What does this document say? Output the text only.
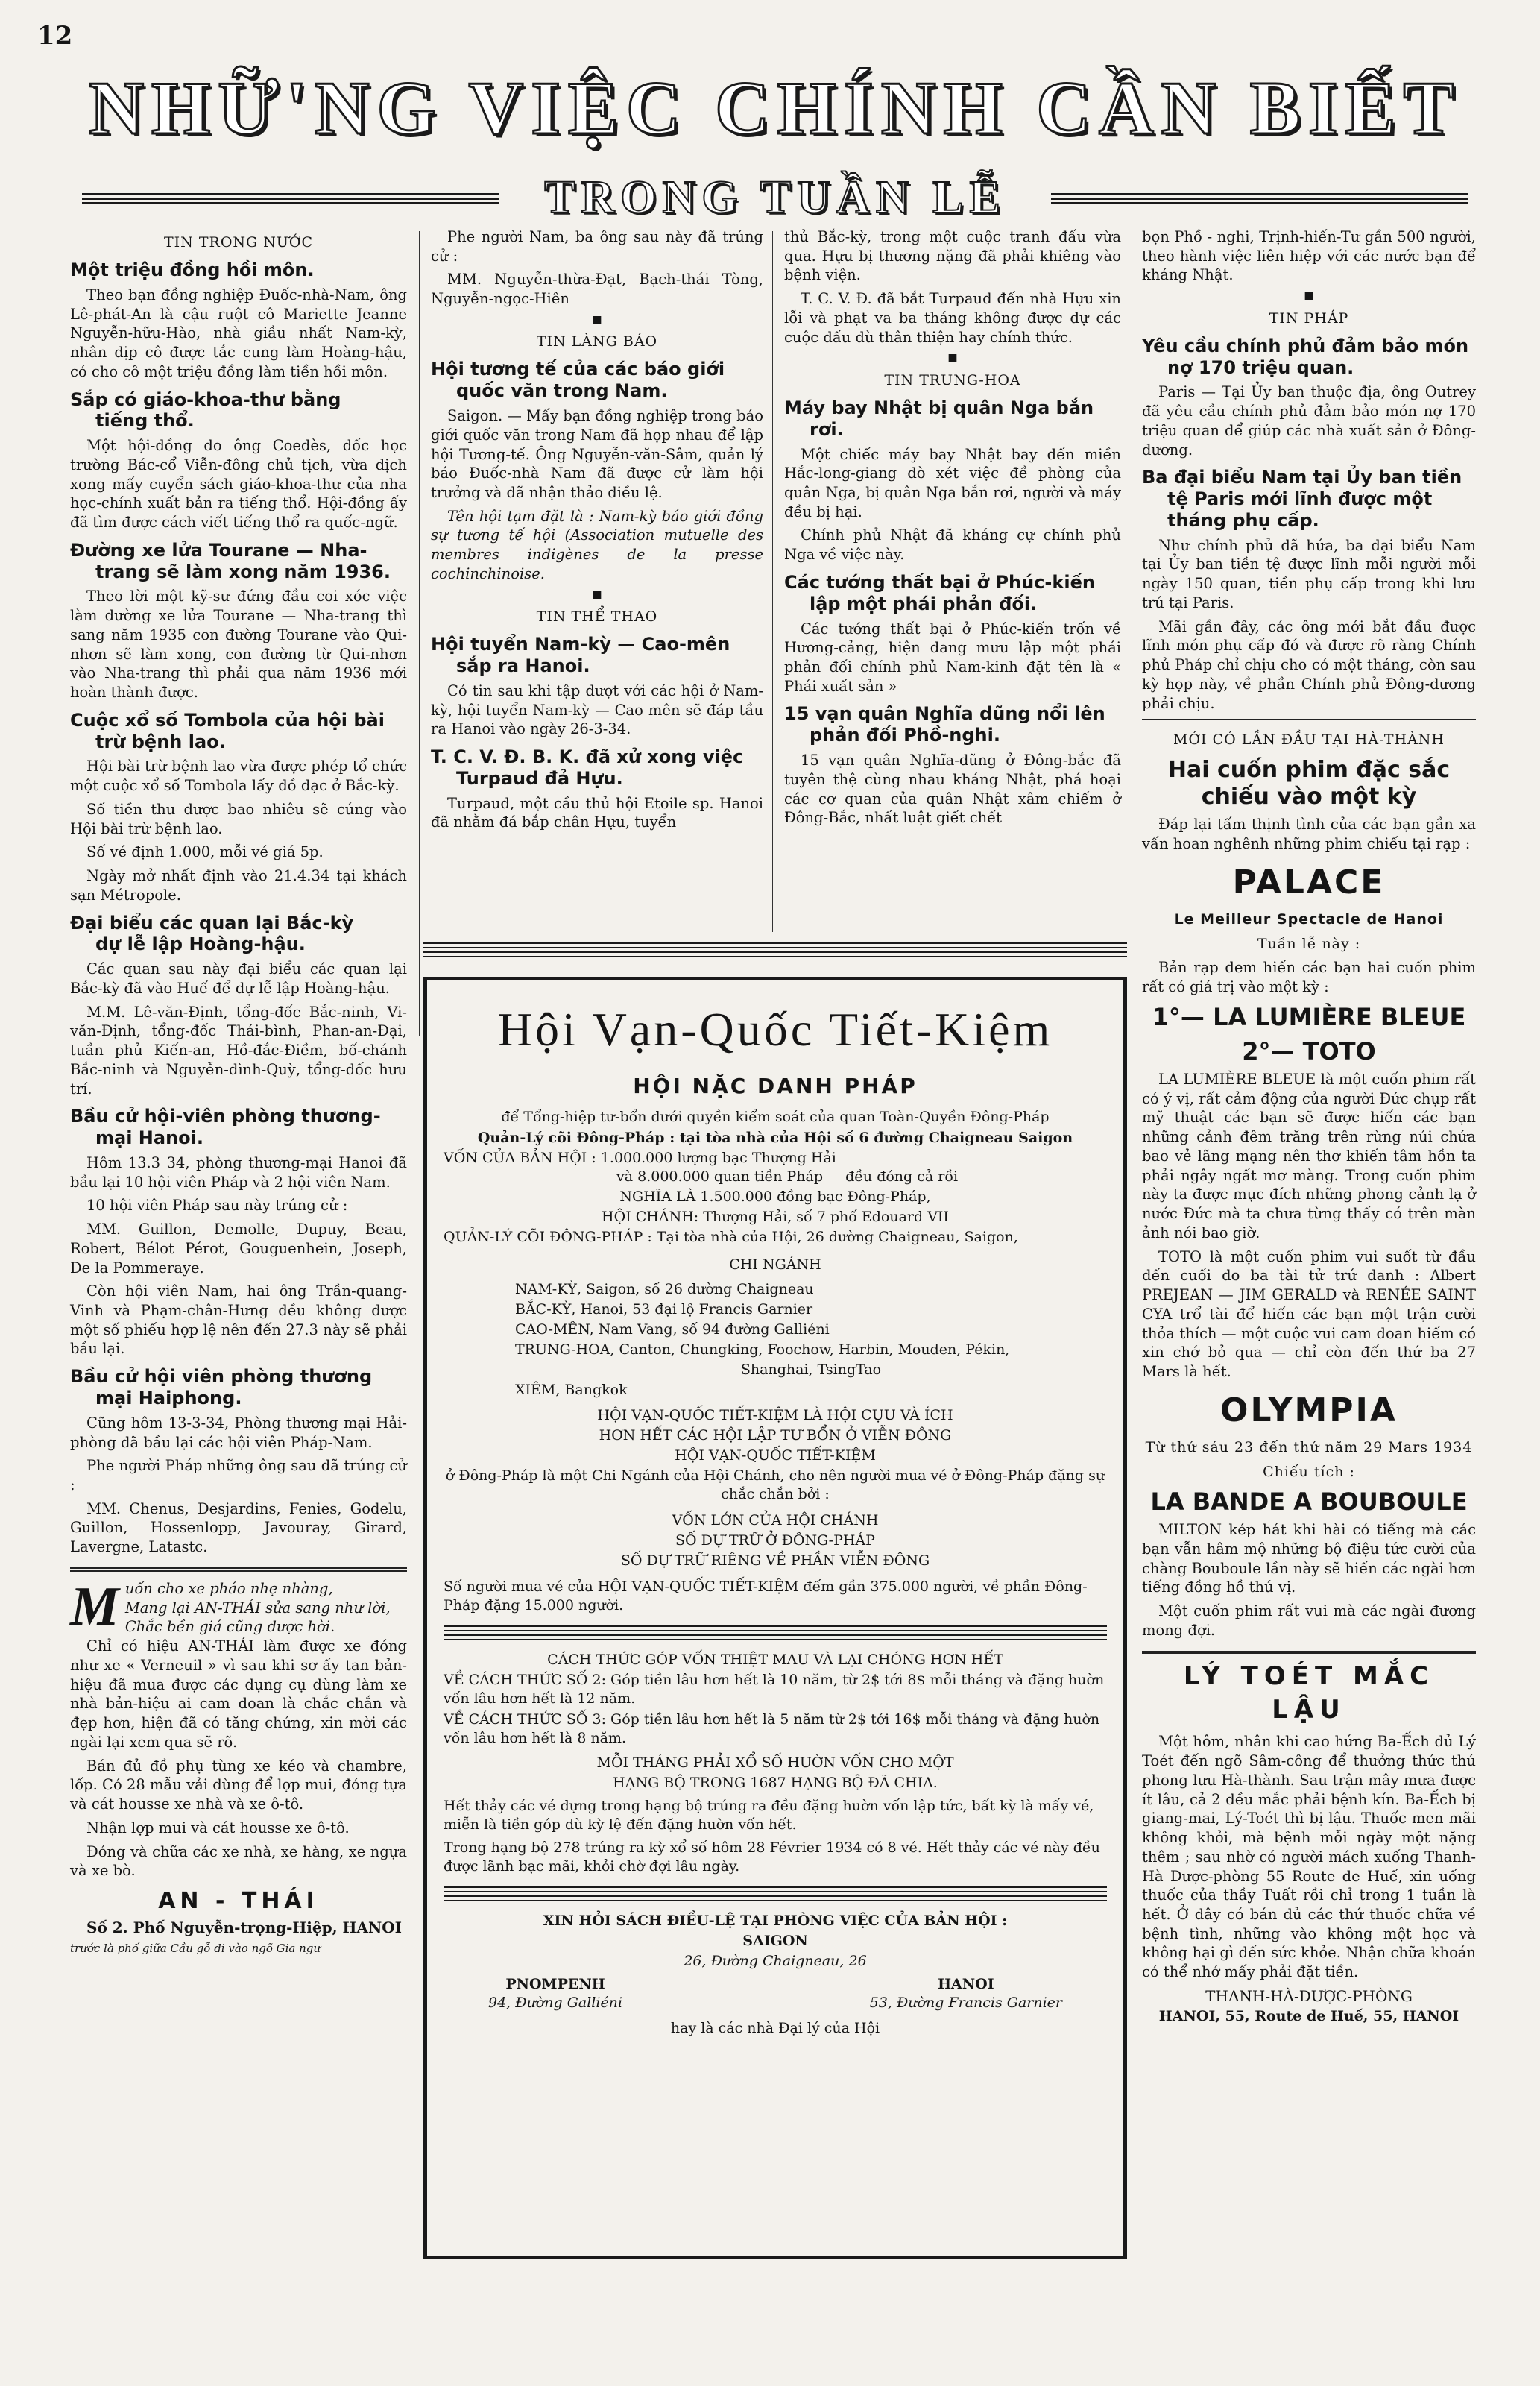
12
NHỮ'NG VIỆC CHÍNH CẦN BIẾT
TRONG TUẦN LỄ
TIN TRONG NƯỚC
Một triệu đồng hồi môn.

Theo bạn đồng nghiệp Đuốc-nhà-Nam, ông Lê-phát-An là cậu ruột cô Mariette Jeanne Nguyễn-hữu-Hào, nhà giầu nhất Nam-kỳ, nhân dịp cô được tắc cung làm Hoàng-hậu, có cho cô một triệu đồng làm tiền hồi môn.

Sắp có giáo-khoa-thư bằng
tiếng thổ.

Một hội-đồng do ông Coedès, đốc học trường Bác-cổ Viễn-đông chủ tịch, vừa dịch xong mấy cuyển sách giáo-khoa-thư của nha học-chính xuất bản ra tiếng thổ. Hội-đồng ấy đã tìm được cách viết tiếng thổ ra quốc-ngữ.

Đường xe lửa Tourane — Nha-
trang sẽ làm xong năm 1936.

Theo lời một kỹ-sư đứng đầu coi xóc việc làm đường xe lửa Tourane — Nha-trang thì sang năm 1935 con đường Tourane vào Qui-nhơn sẽ làm xong, con đường từ Qui-nhơn vào Nha-trang thì phải qua năm 1936 mới hoàn thành được.

Cuộc xổ số Tombola của hội bài
trừ bệnh lao.

Hội bài trừ bệnh lao vừa được phép tổ chức một cuộc xổ số Tombola lấy đồ đạc ở Bắc-kỳ.

Số tiền thu được bao nhiêu sẽ cúng vào Hội bài trừ bệnh lao.

Số vé định 1.000, mỗi vé giá 5p.

Ngày mở nhất định vào 21.4.34 tại khách sạn Métropole.

Đại biểu các quan lại Bắc-kỳ
dự lễ lập Hoàng-hậu.

Các quan sau này đại biểu các quan lại Bắc-kỳ đã vào Huế để dự lễ lập Hoàng-hậu.

M.M. Lê-văn-Định, tổng-đốc Bắc-ninh, Vi-văn-Định, tổng-đốc Thái-bình, Phan-an-Đại, tuần phủ Kiến-an, Hồ-đắc-Điềm, bố-chánh Bắc-ninh và Nguyễn-đình-Quỳ, tổng-đốc hưu trí.

Bầu cử hội-viên phòng thương-
mại Hanoi.

Hôm 13.3 34, phòng thương-mại Hanoi đã bầu lại 10 hội viên Pháp và 2 hội viên Nam.

10 hội viên Pháp sau này trúng cử :

MM. Guillon, Demolle, Dupuy, Beau, Robert, Bélot Pérot, Gouguenhein, Joseph, De la Pommeraye.

Còn hội viên Nam, hai ông Trần-quang-Vinh và Phạm-chân-Hưng đều không được một số phiếu hợp lệ nên đến 27.3 này sẽ phải bầu lại.

Bầu cử hội viên phòng thương
mại Haiphong.

Cũng hôm 13-3-34, Phòng thương mại Hải-phòng đã bầu lại các hội viên Pháp-Nam.

Phe người Pháp những ông sau đã trúng cử :

MM. Chenus, Desjardins, Fenies, Godelu, Guillon, Hossenlopp, Javouray, Girard, Lavergne, Latastc.

Muốn cho xe pháo nhẹ nhàng,
Mang lại AN-THÁI sửa sang như lời,
Chắc bền giá cũng được hời.

Chỉ có hiệu AN-THÁI làm được xe đóng như xe « Verneuil » vì sau khi sơ ấy tan bản-hiệu đã mua được các dụng cụ dùng làm xe nhà bản-hiệu ai cam đoan là chắc chắn và đẹp hơn, hiện đã có tăng chứng, xin mời các ngài lại xem qua sẽ rõ.

Bán đủ đồ phụ tùng xe kéo và chambre, lốp. Có 28 mẫu vải dùng để lợp mui, đóng tựa và cát housse xe nhà và xe ô-tô.

Nhận lợp mui và cát housse xe ô-tô.

Đóng và chữa các xe nhà, xe hàng, xe ngựa và xe bò.

AN - THÁI

Số 2. Phố Nguyễn-trọng-Hiệp, HANOI

trước là phố giữa Cầu gỗ đi vào ngõ Gia ngư

Phe người Nam, ba ông sau này đã trúng cử :

MM. Nguyễn-thừa-Đạt, Bạch-thái Tòng, Nguyễn-ngọc-Hiên

■
TIN LÀNG BÁO
Hội tương tế của các báo giới
quốc văn trong Nam.

Saigon. — Mấy bạn đồng nghiệp trong báo giới quốc văn trong Nam đã họp nhau để lập hội Tương-tế. Ông Nguyễn-văn-Sâm, quản lý báo Đuốc-nhà Nam đã được cử làm hội trưởng và đã nhận thảo điều lệ.

Tên hội tạm đặt là : Nam-kỳ báo giới đồng sự tương tế hội (Association mutuelle des membres indigènes de la presse cochinchinoise.

■
TIN THỂ THAO
Hội tuyển Nam-kỳ — Cao-mên
sắp ra Hanoi.

Có tin sau khi tập dượt với các hội ở Nam-kỳ, hội tuyển Nam-kỳ — Cao mên sẽ đáp tầu ra Hanoi vào ngày 26-3-34.

T. C. V. Đ. B. K. đã xử xong việc
Turpaud đả Hựu.

Turpaud, một cầu thủ hội Etoile sp. Hanoi đã nhằm đá bắp chân Hựu, tuyển

thủ Bắc-kỳ, trong một cuộc tranh đấu vừa qua. Hựu bị thương nặng đã phải khiêng vào bệnh viện.

T. C. V. Đ. đã bắt Turpaud đến nhà Hựu xin lỗi và phạt va ba tháng không được dự các cuộc đấu dù thân thiện hay chính thức.

■
TIN TRUNG-HOA
Máy bay Nhật bị quân Nga bắn
rơi.

Một chiếc máy bay Nhật bay đến miền Hắc-long-giang dò xét việc đề phòng của quân Nga, bị quân Nga bắn rơi, người và máy đều bị hại.

Chính phủ Nhật đã kháng cự chính phủ Nga về việc này.

Các tướng thất bại ở Phúc-kiến
lập một phái phản đối.

Các tướng thất bại ở Phúc-kiến trốn về Hương-cảng, hiện đang mưu lập một phái phản đối chính phủ Nam-kinh đặt tên là « Phái xuất sản »

15 vạn quân Nghĩa dũng nổi lên
phản đối Phồ-nghi.

15 vạn quân Nghĩa-dũng ở Đông-bắc đã tuyên thệ cùng nhau kháng Nhật, phá hoại các cơ quan của quân Nhật xâm chiếm ở Đông-Bắc, nhất luật giết chết

Hội Vạn-Quốc Tiết-Kiệm
HỘI NẶC DANH PHÁP
để Tổng-hiệp tư-bổn dưới quyền kiểm soát của quan Toàn-Quyền Đông-Pháp
Quản-Lý cõi Đông-Pháp : tại tòa nhà của Hội số 6 đường Chaigneau Saigon
VỐN CỦA BẢN HỘI : 1.000.000 lượng bạc Thượng Hải
và 8.000.000 quan tiền Pháp đều đóng cả rồi
NGHĨA LÀ 1.500.000 đồng bạc Đông-Pháp,
HỘI CHÁNH: Thượng Hải, số 7 phố Edouard VII
QUẢN-LÝ CÕI ĐÔNG-PHÁP : Tại tòa nhà của Hội, 26 đường Chaigneau, Saigon,
CHI NGÁNH
NAM-KỲ, Saigon, số 26 đường Chaigneau
BẮC-KỲ, Hanoi, 53 đại lộ Francis Garnier
CAO-MÊN, Nam Vang, số 94 đường Galliéni
TRUNG-HOA, Canton, Chungking, Foochow, Harbin, Mouden, Pékin,
Shanghai, TsingTao
XIÊM, Bangkok
HỘI VẠN-QUỐC TIẾT-KIỆM LÀ HỘI CỤU VÀ ÍCH
HƠN HẾT CÁC HỘI LẬP TƯ BỔN Ở VIỄN ĐÔNG
HỘI VẠN-QUỐC TIẾT-KIỆM
ở Đông-Pháp là một Chi Ngánh của Hội Chánh, cho nên người mua vé ở Đông-Pháp đặng sự chắc chắn bởi :
VỐN LỚN CỦA HỘI CHÁNH
SỐ DỰ TRỮ Ở ĐÔNG-PHÁP
SỐ DỰ TRỮ RIÊNG VỀ PHẦN VIỄN ĐÔNG
Số người mua vé của HỘI VẠN-QUỐC TIẾT-KIỆM đếm gần 375.000 người, về phần Đông-Pháp đặng 15.000 người.
CÁCH THỨC GÓP VỐN THIỆT MAU VÀ LẠI CHÓNG HƠN HẾT
VỀ CÁCH THỨC SỐ 2: Góp tiền lâu hơn hết là 10 năm, từ 2$ tới 8$ mỗi tháng và đặng huờn vốn lâu hơn hết là 12 năm.
VỀ CÁCH THỨC SỐ 3: Góp tiền lâu hơn hết là 5 năm từ 2$ tới 16$ mỗi tháng và đặng huờn vốn lâu hơn hết là 8 năm.
MỖI THÁNG PHẢI XỔ SỐ HUỜN VỐN CHO MỘT
HẠNG BỘ TRONG 1687 HẠNG BỘ ĐÃ CHIA.
Hết thảy các vé dựng trong hạng bộ trúng ra đều đặng huờn vốn lập tức, bất kỳ là mấy vé, miễn là tiền góp dù kỳ lệ đến đặng huờn vốn hết.
Trong hạng bộ 278 trúng ra kỳ xổ số hôm 28 Février 1934 có 8 vé. Hết thảy các vé này đều được lãnh bạc mãi, khỏi chờ đợi lâu ngày.
XIN HỎI SÁCH ĐIỀU-LỆ TẠI PHÒNG VIỆC CỦA BẢN HỘI :
SAIGON
26, Đường Chaigneau, 26
PNOMPENH
94, Đường Galliéni
HANOI
53, Đường Francis Garnier
hay là các nhà Đại lý của Hội

bọn Phồ - nghi, Trịnh-hiến-Tư gần 500 người, theo hành việc liên hiệp với các nước bạn để kháng Nhật.

■
TIN PHÁP
Yêu cầu chính phủ đảm bảo món
nợ 170 triệu quan.

Paris — Tại Ủy ban thuộc địa, ông Outrey đã yêu cầu chính phủ đảm bảo món nợ 170 triệu quan để giúp các nhà xuất sản ở Đông-dương.

Ba đại biểu Nam tại Ủy ban tiền
tệ Paris mới lĩnh được một
tháng phụ cấp.

Như chính phủ đã hứa, ba đại biểu Nam tại Ủy ban tiền tệ được lĩnh mỗi người mỗi ngày 150 quan, tiền phụ cấp trong khi lưu trú tại Paris.

Mãi gần đây, các ông mới bắt đầu được lĩnh món phụ cấp đó và được rõ ràng Chính phủ Pháp chỉ chịu cho có một tháng, còn sau kỳ họp này, về phần Chính phủ Đông-dương phải chịu.

MỚI CÓ LẦN ĐẦU TẠI HÀ-THÀNH
Hai cuốn phim đặc sắc
chiếu vào một kỳ

Đáp lại tấm thịnh tình của các bạn gần xa vấn hoan nghênh những phim chiếu tại rạp :

PALACE
Le Meilleur Spectacle de Hanoi
Tuần lễ này :

Bản rạp đem hiến các bạn hai cuốn phim rất có giá trị vào một kỳ :

1°— LA LUMIÈRE BLEUE
2°— TOTO

LA LUMIÈRE BLEUE là một cuốn phim rất có ý vị, rất cảm động của người Đức chụp rất mỹ thuật các bạn sẽ được hiến các bạn những cảnh đêm trăng trên rừng núi chứa bao vẻ lãng mạng nên thơ khiến tâm hồn ta phải ngây ngất mơ màng. Trong cuốn phim này ta được mục đích những phong cảnh lạ ở nước Đức mà ta chưa từng thấy có trên màn ảnh nói bao giờ.

TOTO là một cuốn phim vui suốt từ đầu đến cuối do ba tài tử trứ danh : Albert PREJEAN — JIM GERALD và RENÉE SAINT CYA trổ tài để hiến các bạn một trận cười thỏa thích — một cuộc vui cam đoan hiếm có xin chớ bỏ qua — chỉ còn đến thứ ba 27 Mars là hết.

OLYMPIA
Từ thứ sáu 23 đến thứ năm 29 Mars 1934
Chiếu tích :
LA BANDE A BOUBOULE

MILTON kép hát khi hài có tiếng mà các bạn vẫn hâm mộ những bộ điệu tức cười của chàng Bouboule lần này sẽ hiến các ngài hơn tiếng đồng hồ thú vị.

Một cuốn phim rất vui mà các ngài đương mong đợi.

LÝ TOÉT MẮC LẬU

Một hôm, nhân khi cao hứng Ba-Ếch đủ Lý Toét đến ngõ Sâm-công để thưởng thức thú phong lưu Hà-thành. Sau trận mây mưa được ít lâu, cả 2 đều mắc phải bệnh kín. Ba-Ếch bị giang-mai, Lý-Toét thì bị lậu. Thuốc men mãi không khỏi, mà bệnh mỗi ngày một nặng thêm ; sau nhờ có người mách xuống Thanh-Hà Dược-phòng 55 Route de Huế, xin uống thuốc của thầy Tuất rồi chỉ trong 1 tuần là hết. Ở đây có bán đủ các thứ thuốc chữa về bệnh tình, những vào không một học và không hại gì đến sức khỏe. Nhận chữa khoán có thể nhớ mấy phải đặt tiền.

THANH-HÀ-DƯỢC-PHÒNG
HANOI, 55, Route de Huế, 55, HANOI
